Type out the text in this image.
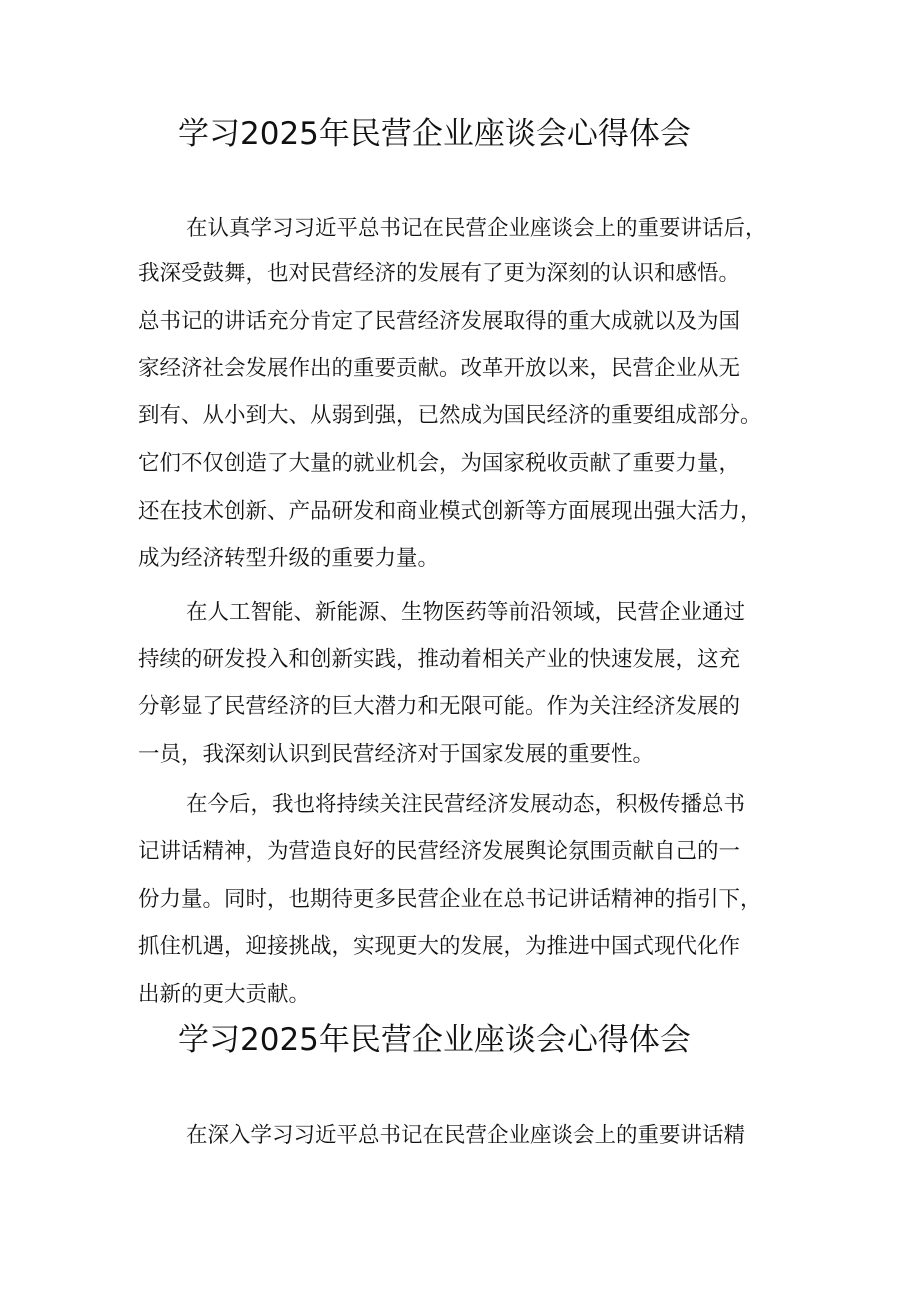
学习2025年民营企业座谈会心得体会
在认真学习习近平总书记在民营企业座谈会上的重要讲话后，
我深受鼓舞，也对民营经济的发展有了更为深刻的认识和感悟。
总书记的讲话充分肯定了民营经济发展取得的重大成就以及为国
家经济社会发展作出的重要贡献。改革开放以来，民营企业从无
到有、从小到大、从弱到强，已然成为国民经济的重要组成部分。
它们不仅创造了大量的就业机会，为国家税收贡献了重要力量，
还在技术创新、产品研发和商业模式创新等方面展现出强大活力，
成为经济转型升级的重要力量。
在人工智能、新能源、生物医药等前沿领域，民营企业通过
持续的研发投入和创新实践，推动着相关产业的快速发展，这充
分彰显了民营经济的巨大潜力和无限可能。作为关注经济发展的
一员，我深刻认识到民营经济对于国家发展的重要性。
在今后，我也将持续关注民营经济发展动态，积极传播总书
记讲话精神，为营造良好的民营经济发展舆论氛围贡献自己的一
份力量。同时，也期待更多民营企业在总书记讲话精神的指引下，
抓住机遇，迎接挑战，实现更大的发展，为推进中国式现代化作
出新的更大贡献。
学习2025年民营企业座谈会心得体会
在深入学习习近平总书记在民营企业座谈会上的重要讲话精
